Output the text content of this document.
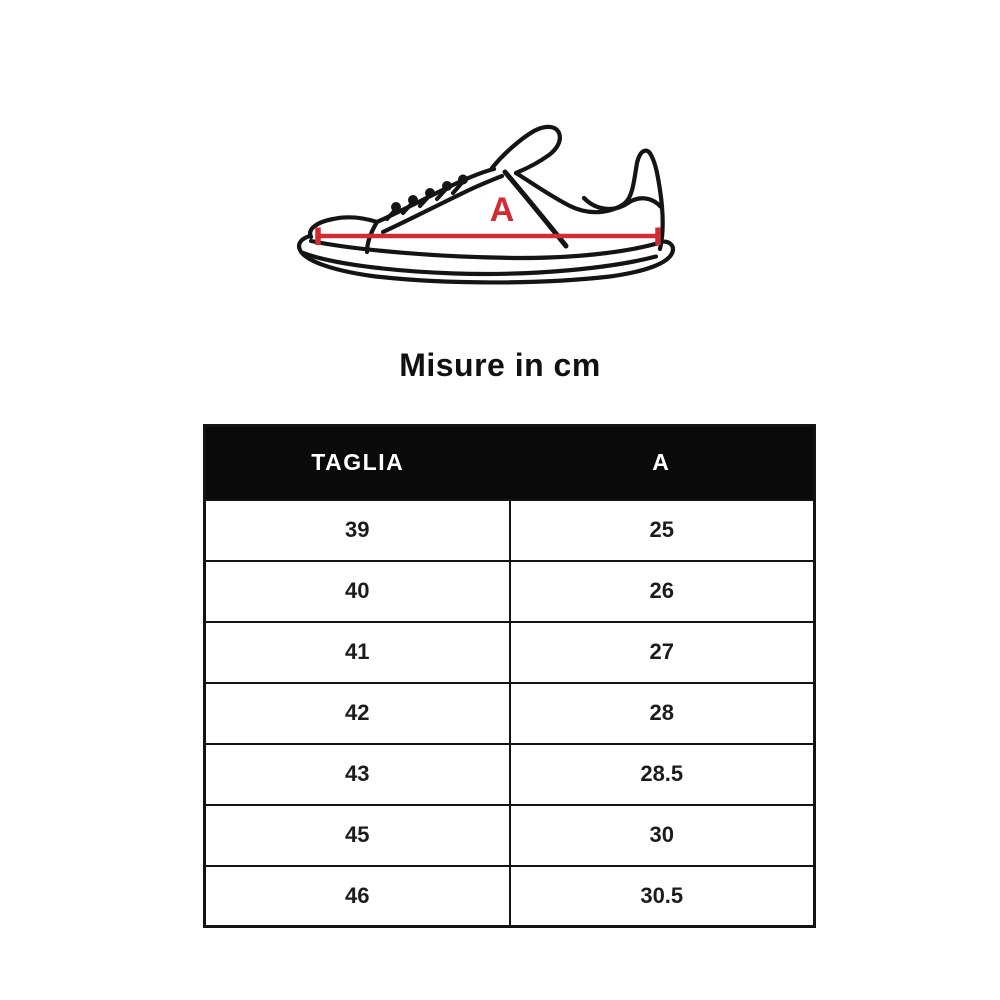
A
Misure in cm
TAGLIA	A
39	25
40	26
41	27
42	28
43	28.5
45	30
46	30.5
